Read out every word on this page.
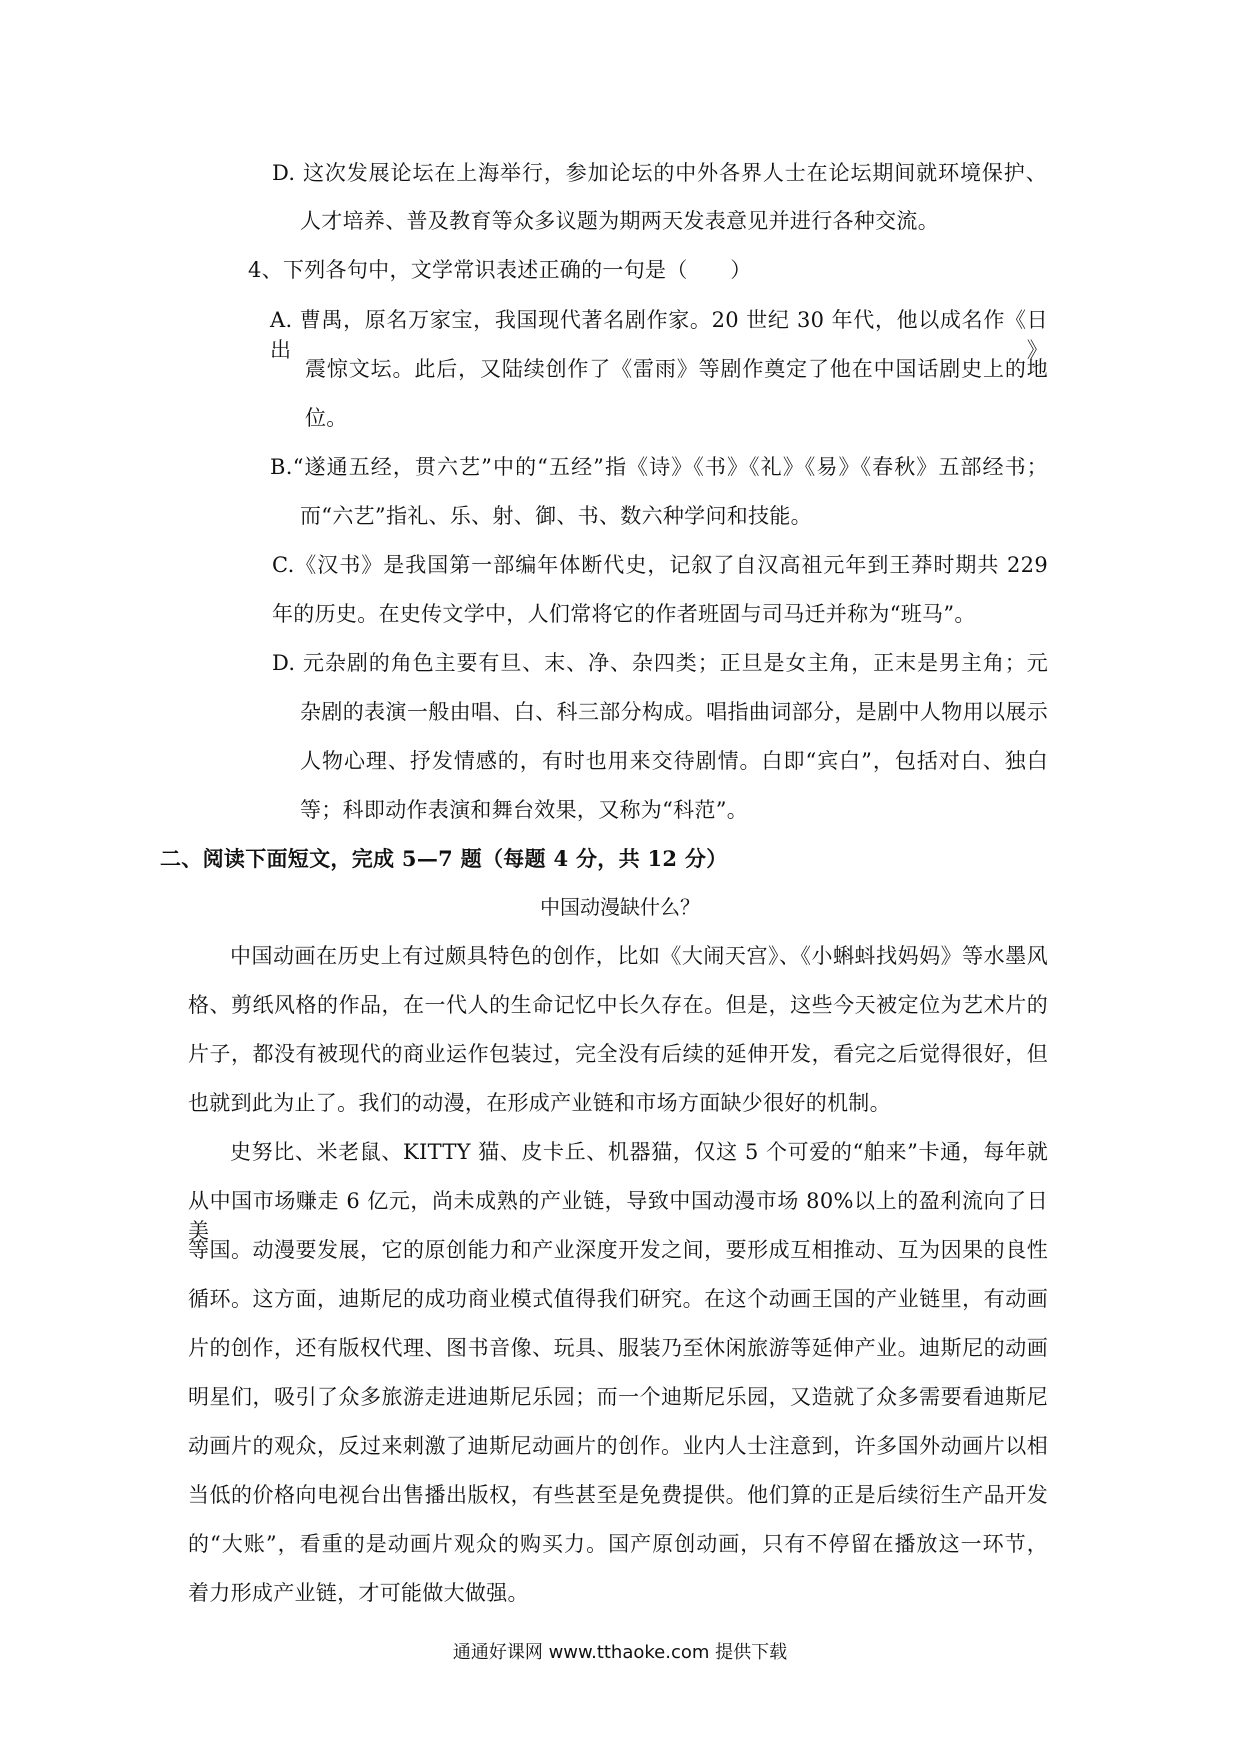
D. 这次发展论坛在上海举行，参加论坛的中外各界人士在论坛期间就环境保护、
人才培养、普及教育等众多议题为期两天发表意见并进行各种交流。
4、下列各句中，文学常识表述正确的一句是（　　）
A. 曹禺，原名万家宝，我国现代著名剧作家。20 世纪 30 年代，他以成名作《日出》
震惊文坛。此后，又陆续创作了《雷雨》等剧作奠定了他在中国话剧史上的地
位。
B.“遂通五经，贯六艺”中的“五经”指《诗》《书》《礼》《易》《春秋》五部经书；
而“六艺”指礼、乐、射、御、书、数六种学问和技能。
C.《汉书》是我国第一部编年体断代史，记叙了自汉高祖元年到王莽时期共 229
年的历史。在史传文学中，人们常将它的作者班固与司马迁并称为“班马”。
D. 元杂剧的角色主要有旦、末、净、杂四类；正旦是女主角，正末是男主角；元
杂剧的表演一般由唱、白、科三部分构成。唱指曲词部分，是剧中人物用以展示
人物心理、抒发情感的，有时也用来交待剧情。白即“宾白”，包括对白、独白
等；科即动作表演和舞台效果，又称为“科范”。
二、阅读下面短文，完成 5—7 题（每题 4 分，共 12 分）
中国动漫缺什么？
中国动画在历史上有过颇具特色的创作，比如《大闹天宫》、《小蝌蚪找妈妈》等水墨风
格、剪纸风格的作品，在一代人的生命记忆中长久存在。但是，这些今天被定位为艺术片的
片子，都没有被现代的商业运作包装过，完全没有后续的延伸开发，看完之后觉得很好，但
也就到此为止了。我们的动漫，在形成产业链和市场方面缺少很好的机制。
史努比、米老鼠、KITTY 猫、皮卡丘、机器猫，仅这 5 个可爱的“舶来”卡通，每年就
从中国市场赚走 6 亿元，尚未成熟的产业链，导致中国动漫市场 80%以上的盈利流向了日美
等国。动漫要发展，它的原创能力和产业深度开发之间，要形成互相推动、互为因果的良性
循环。这方面，迪斯尼的成功商业模式值得我们研究。在这个动画王国的产业链里，有动画
片的创作，还有版权代理、图书音像、玩具、服装乃至休闲旅游等延伸产业。迪斯尼的动画
明星们，吸引了众多旅游走进迪斯尼乐园；而一个迪斯尼乐园，又造就了众多需要看迪斯尼
动画片的观众，反过来刺激了迪斯尼动画片的创作。业内人士注意到，许多国外动画片以相
当低的价格向电视台出售播出版权，有些甚至是免费提供。他们算的正是后续衍生产品开发
的“大账”，看重的是动画片观众的购买力。国产原创动画，只有不停留在播放这一环节，
着力形成产业链，才可能做大做强。
通通好课网 www.tthaoke.com 提供下载
